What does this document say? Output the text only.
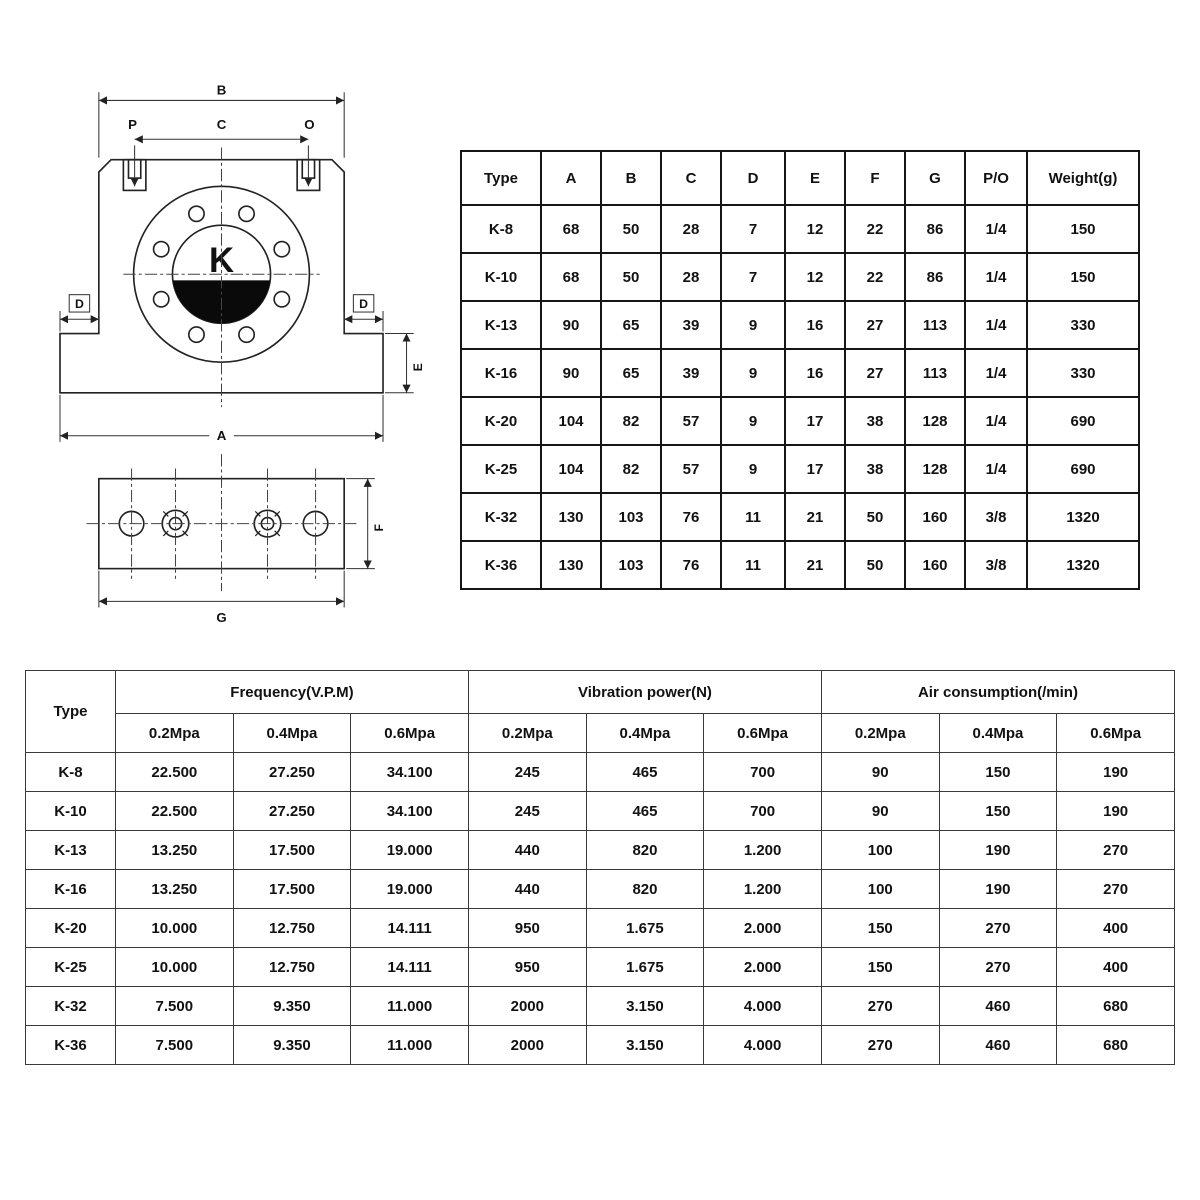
K
B
P	C	O
D	D
A
E
G
F
Type	A	B	C	D	E	F	G	P/O	Weight(g)
K-8	68	50	28	7	12	22	86	1/4	150
K-10	68	50	28	7	12	22	86	1/4	150
K-13	90	65	39	9	16	27	113	1/4	330
K-16	90	65	39	9	16	27	113	1/4	330
K-20	104	82	57	9	17	38	128	1/4	690
K-25	104	82	57	9	17	38	128	1/4	690
K-32	130	103	76	11	21	50	160	3/8	1320
K-36	130	103	76	11	21	50	160	3/8	1320
Type	Frequency(V.P.M)			Vibration power(N)			Air consumption(/min)		
	0.2Mpa	0.4Mpa	0.6Mpa	0.2Mpa	0.4Mpa	0.6Mpa	0.2Mpa	0.4Mpa	0.6Mpa
K-8	22.500	27.250	34.100	245	465	700	90	150	190
K-10	22.500	27.250	34.100	245	465	700	90	150	190
K-13	13.250	17.500	19.000	440	820	1.200	100	190	270
K-16	13.250	17.500	19.000	440	820	1.200	100	190	270
K-20	10.000	12.750	14.111	950	1.675	2.000	150	270	400
K-25	10.000	12.750	14.111	950	1.675	2.000	150	270	400
K-32	7.500	9.350	11.000	2000	3.150	4.000	270	460	680
K-36	7.500	9.350	11.000	2000	3.150	4.000	270	460	680
